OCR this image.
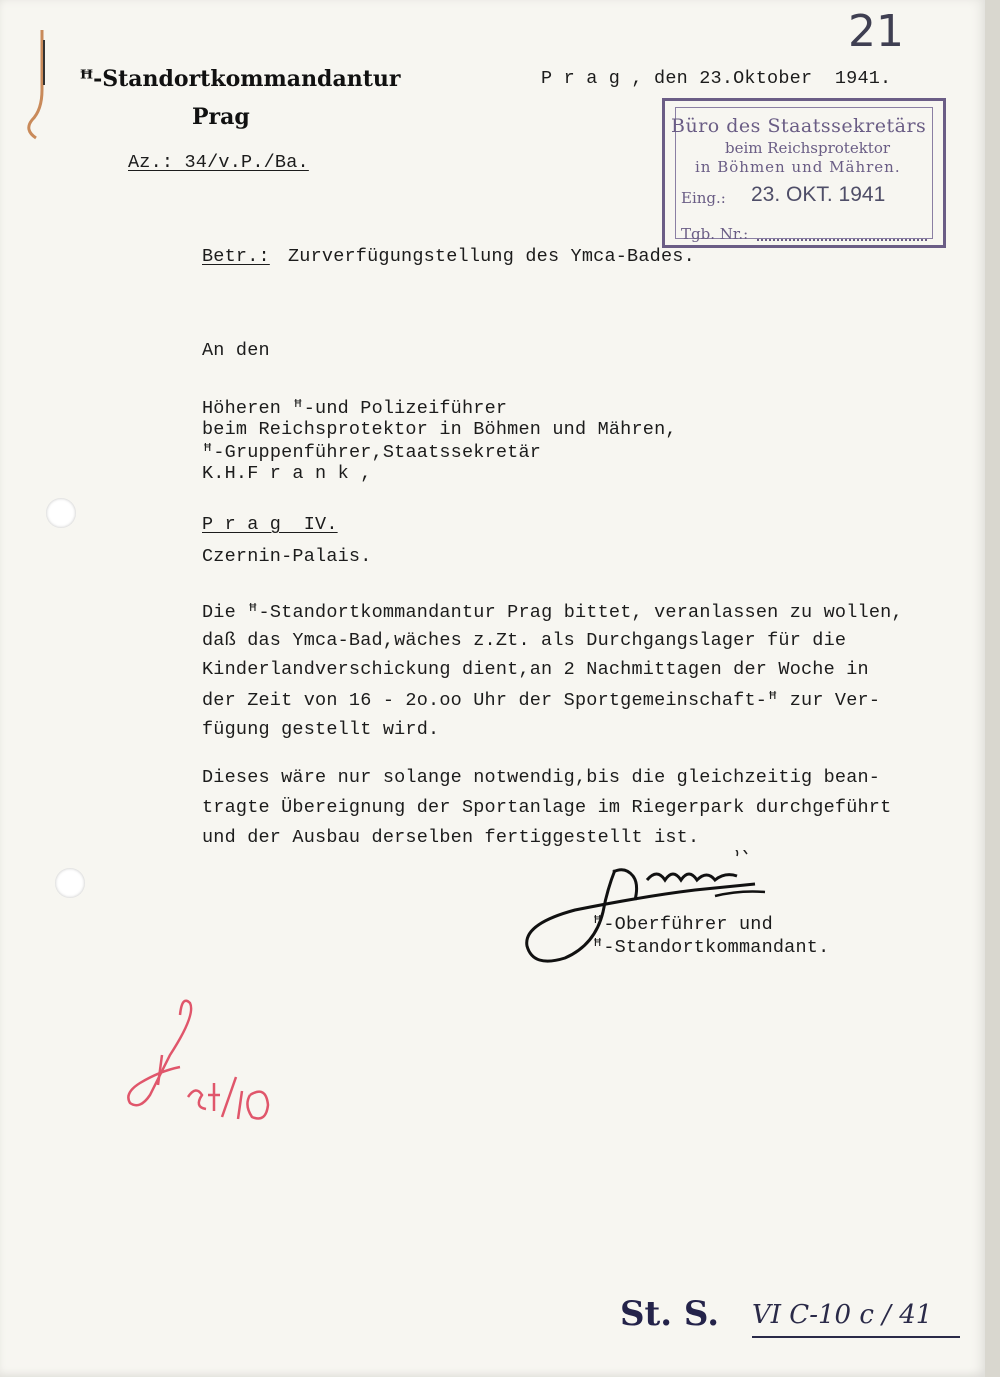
21
ꟸ-Standortkommandantur
Prag
Az.: 34/v.P./Ba.
P r a g , den 23.Oktober  1941.
Büro des Staatssekretärs
beim Reichsprotektor
in Böhmen und Mähren.
Eing.: 23. OKT. 1941
Tgb. Nr.:
Betr.: Zurverfügungstellung des Ymca-Bades.
An den
Höheren ꟸ-und Polizeiführer
beim Reichsprotektor in Böhmen und Mähren,
ꟸ-Gruppenführer,Staatssekretär
K.H.F r a n k ,
P r a g  IV.
Czernin-Palais.
Die ꟸ-Standortkommandantur Prag bittet, veranlassen zu wollen,
daß das Ymca-Bad,wäches z.Zt. als Durchgangslager für die
Kinderlandverschickung dient,an 2 Nachmittagen der Woche in
der Zeit von 16 - 2o.oo Uhr der Sportgemeinschaft-ꟸ zur Ver-
fügung gestellt wird.
Dieses wäre nur solange notwendig,bis die gleichzeitig bean-
tragte Übereignung der Sportanlage im Riegerpark durchgeführt
und der Ausbau derselben fertiggestellt ist.
ꟸ-Oberführer und
ꟸ-Standortkommandant.
St. S. VI C-10 c / 41
